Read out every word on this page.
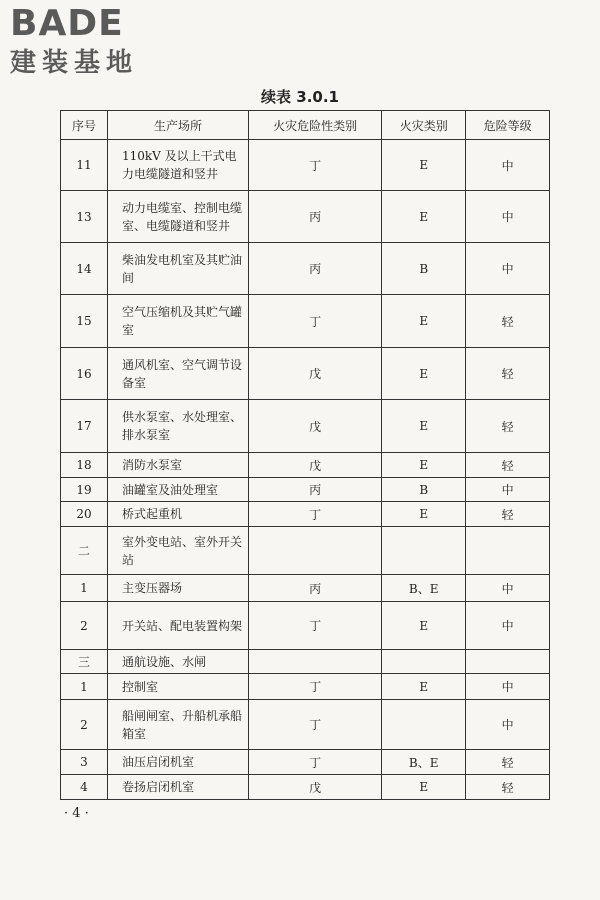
BADE
建装基地
续表 3.0.1
序号	生产场所	火灾危险性类别	火灾类别	危险等级
11	110kV 及以上干式电力电缆隧道和竖井	丁	E	中
13	动力电缆室、控制电缆室、电缆隧道和竖井	丙	E	中
14	柴油发电机室及其贮油间	丙	B	中
15	空气压缩机及其贮气罐室	丁	E	轻
16	通风机室、空气调节设备室	戊	E	轻
17	供水泵室、水处理室、排水泵室	戊	E	轻
18	消防水泵室	戊	E	轻
19	油罐室及油处理室	丙	B	中
20	桥式起重机	丁	E	轻
二	室外变电站、室外开关站			
1	主变压器场	丙	B、E	中
2	开关站、配电装置构架	丁	E	中
三	通航设施、水闸			
1	控制室	丁	E	中
2	船闸闸室、升船机承船箱室	丁		中
3	油压启闭机室	丁	B、E	轻
4	卷扬启闭机室	戊	E	轻
· 4 ·
